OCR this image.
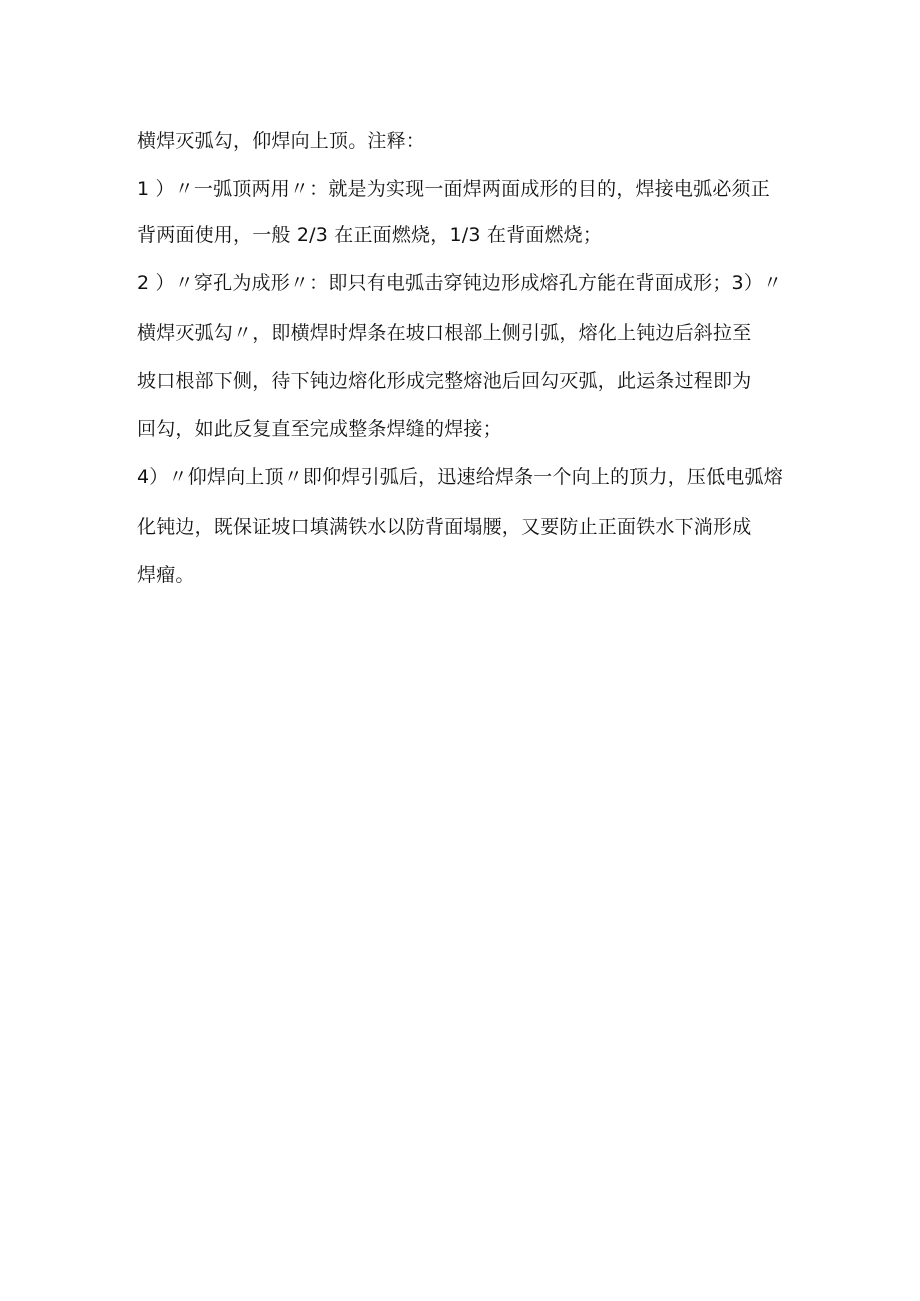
横焊灭弧勾，仰焊向上顶。注释：
1 ）〃一弧顶两用〃：就是为实现一面焊两面成形的目的，焊接电弧必须正
背两面使用，一般 2/3 在正面燃烧，1/3 在背面燃烧；
2 ）〃穿孔为成形〃：即只有电弧击穿钝边形成熔孔方能在背面成形；3）〃
横焊灭弧勾〃，即横焊时焊条在坡口根部上侧引弧，熔化上钝边后斜拉至
坡口根部下侧，待下钝边熔化形成完整熔池后回勾灭弧，此运条过程即为
回勾，如此反复直至完成整条焊缝的焊接；
4）〃仰焊向上顶〃即仰焊引弧后，迅速给焊条一个向上的顶力，压低电弧熔
化钝边，既保证坡口填满铁水以防背面塌腰，又要防止正面铁水下淌形成
焊瘤。
